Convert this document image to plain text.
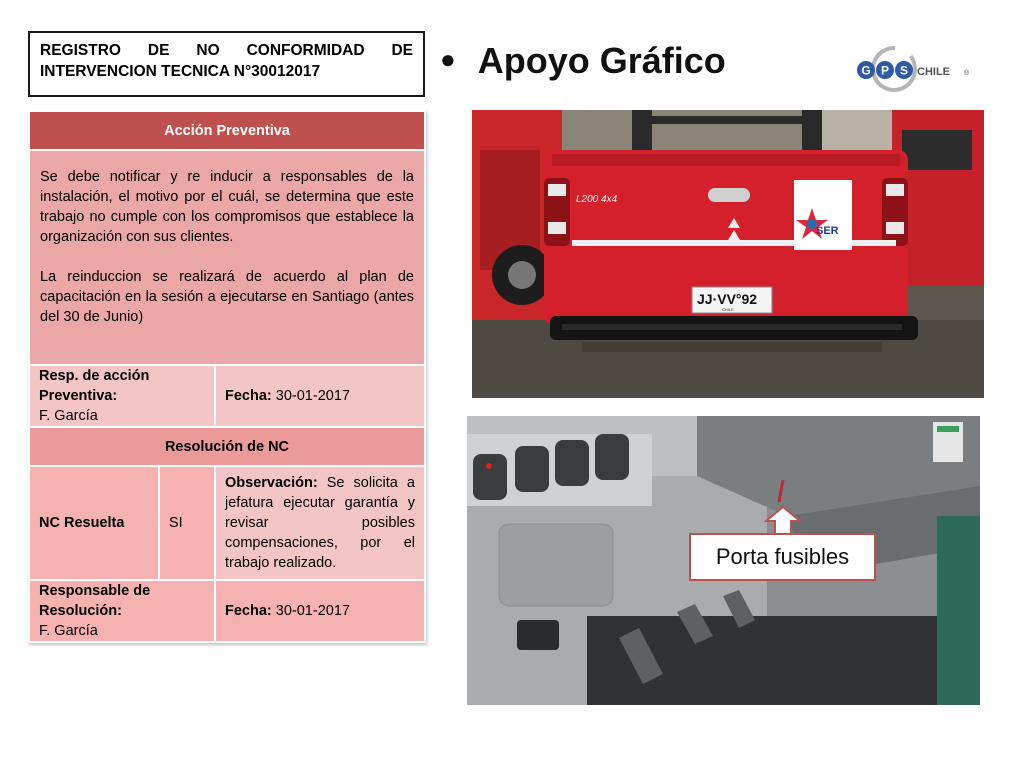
REGISTRO DE NO CONFORMIDAD DE INTERVENCION TECNICA N°30012017	● Apoyo Gráfico	G P S CHILE ®
Acción Preventiva		

Se debe notificar y re inducir a responsables de la instalación, el motivo por el cuál, se determina que este trabajo no cumple con los compromisos que establece la organización con sus clientes.

La reinduccion se realizará de acuerdo al plan de capacitación en la sesión a ejecutarse en Santiago (antes del 30 de Junio)		

Resp. de acción Preventiva:
F. García		Fecha: 30-01-2017
Resolución de NC		
NC Resuelta	SI	Observación: Se solicita a jefatura ejecutar garantía y revisar posibles compensaciones, por el trabajo realizado.

Responsable de Resolución:
F. García		Fecha: 30-01-2017
L200 4x4
SER
JJ·VV°92
CHILE
Porta fusibles
